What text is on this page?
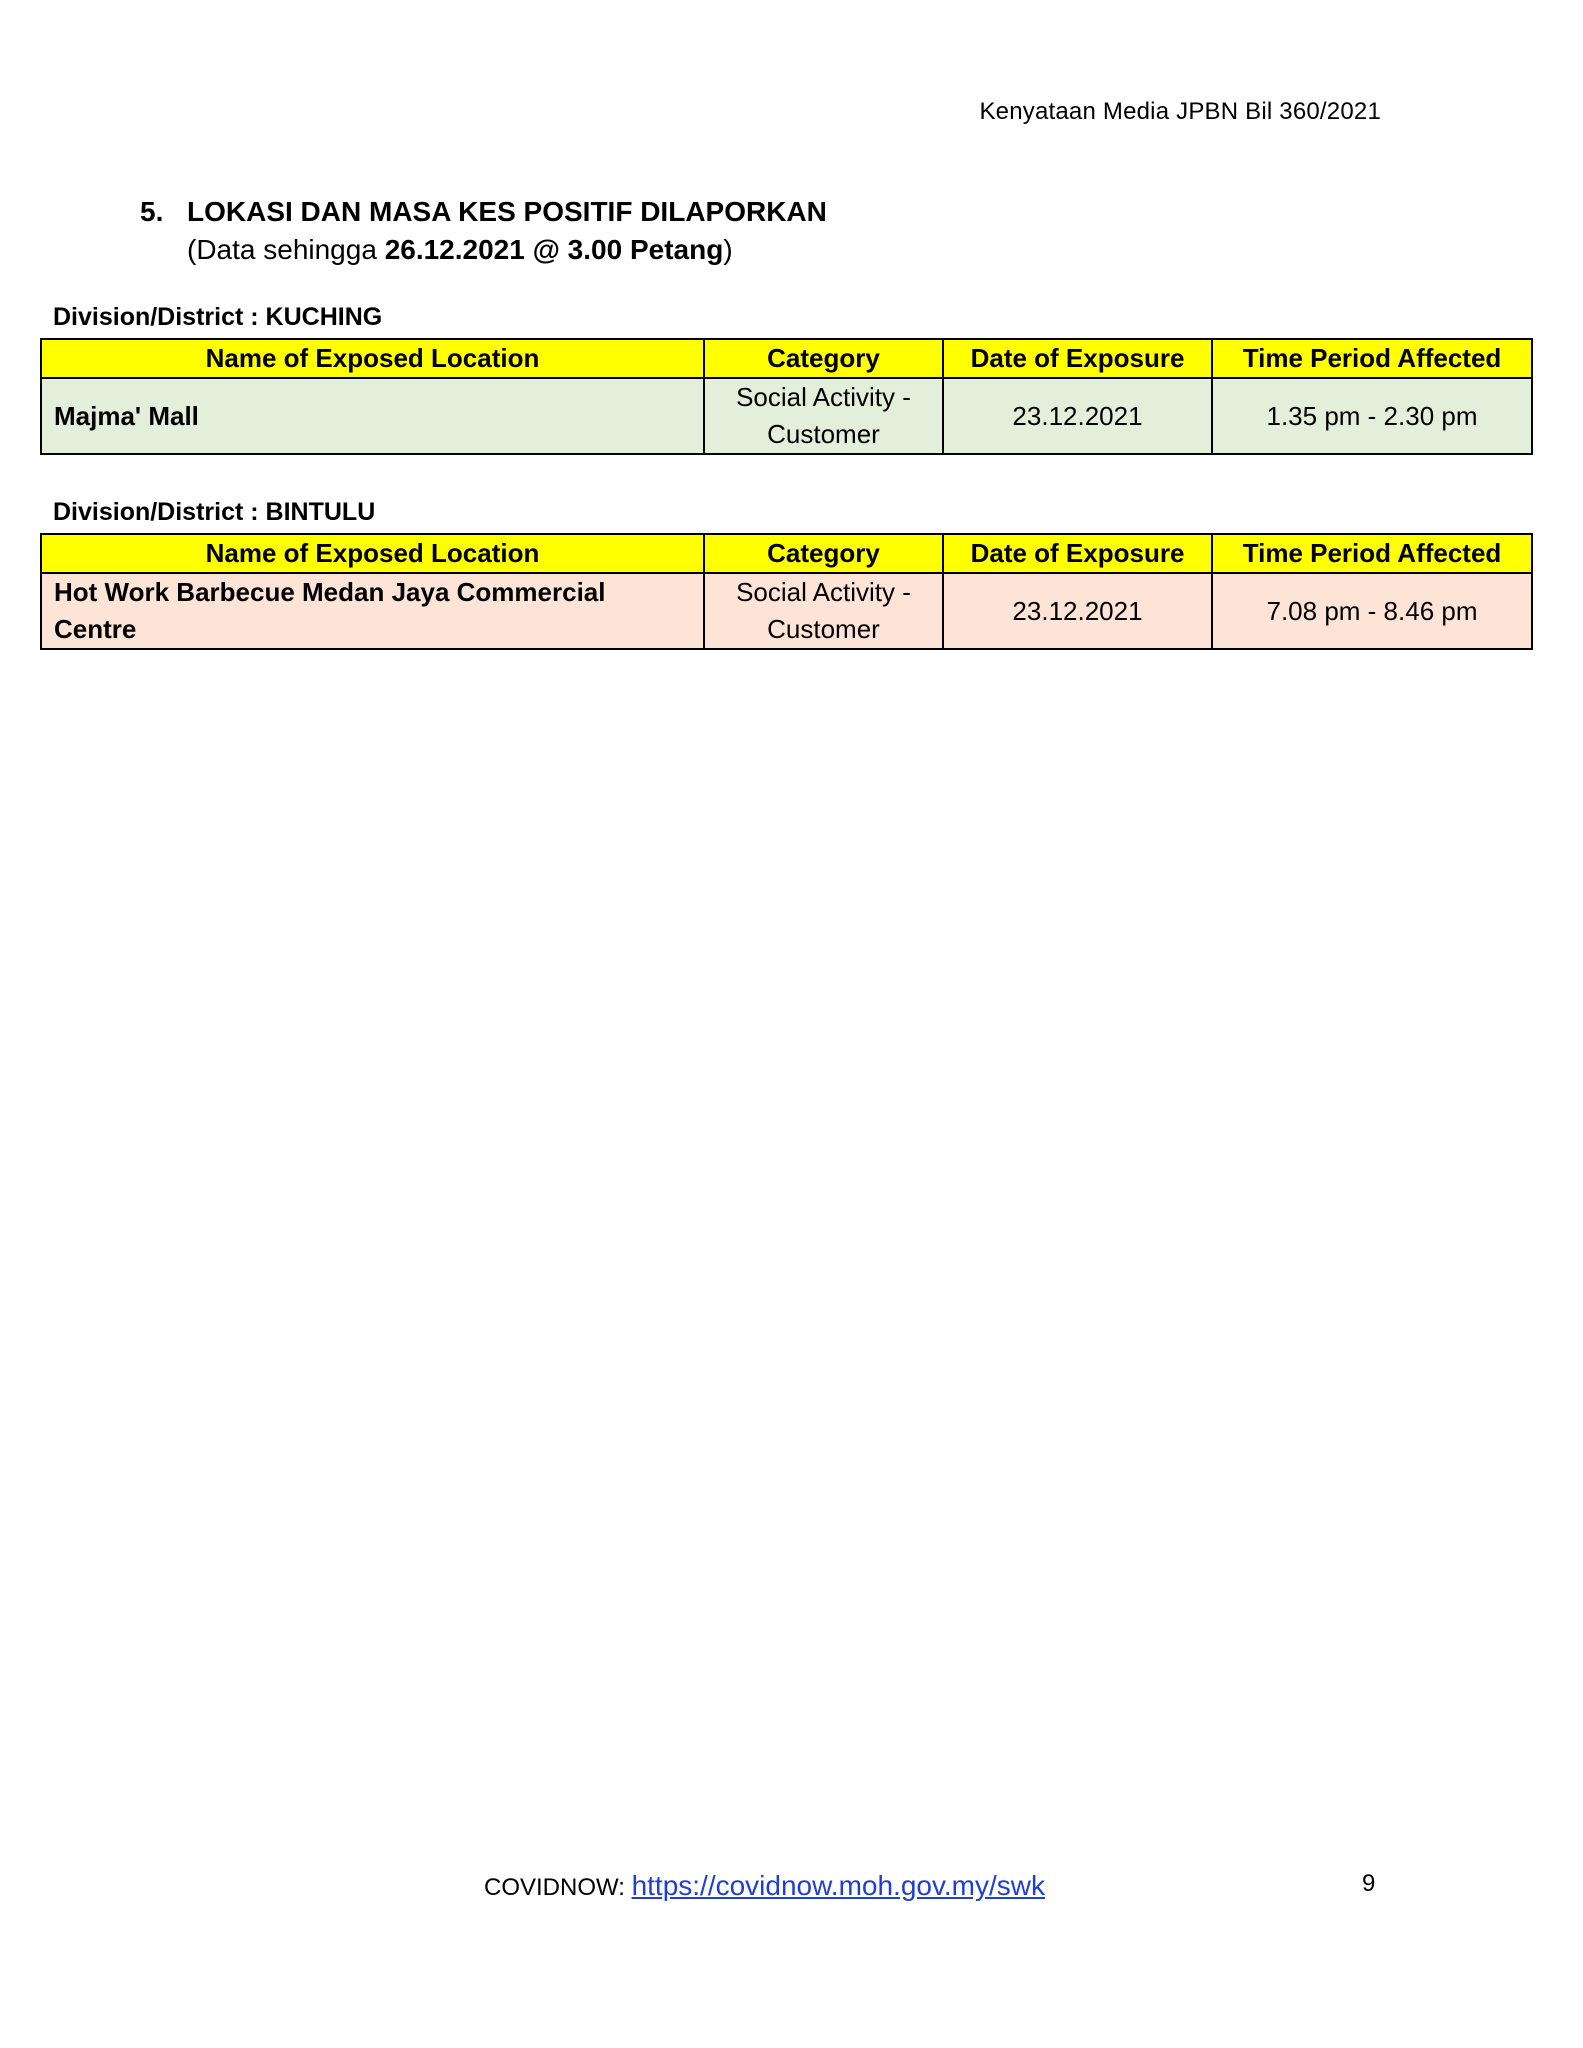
Kenyataan Media JPBN Bil 360/2021
5. LOKASI DAN MASA KES POSITIF DILAPORKAN
(Data sehingga 26.12.2021 @ 3.00 Petang)
Division/District : KUCHING
Name of Exposed Location	Category	Date of Exposure	Time Period Affected
Majma' Mall	Social Activity - Customer	23.12.2021	1.35 pm - 2.30 pm
Division/District : BINTULU
Name of Exposed Location	Category	Date of Exposure	Time Period Affected
Hot Work Barbecue Medan Jaya Commercial Centre	Social Activity - Customer	23.12.2021	7.08 pm - 8.46 pm
COVIDNOW: https://covidnow.moh.gov.my/swk	9
